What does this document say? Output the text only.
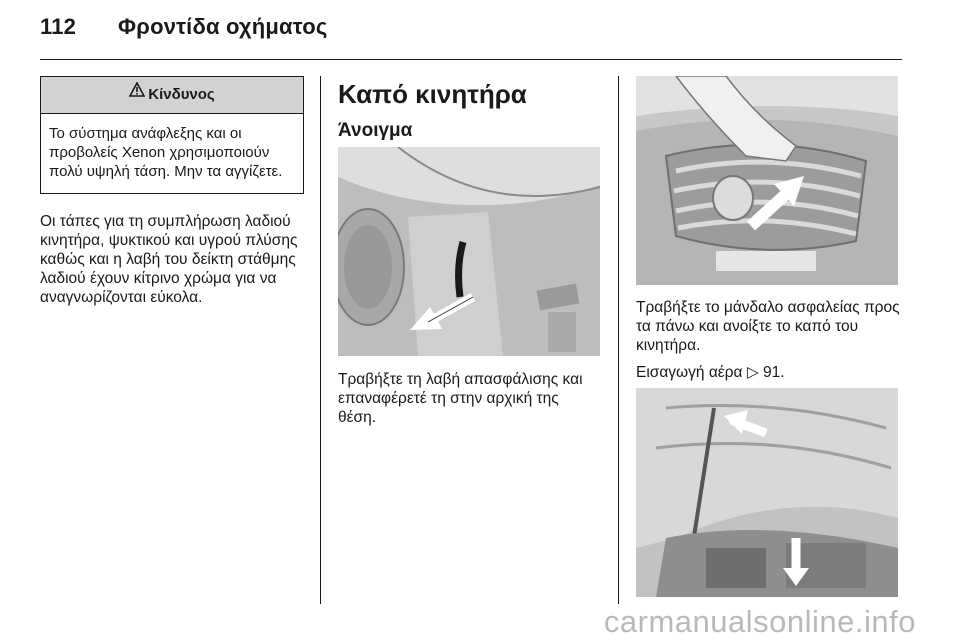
112 Φροντίδα οχήματος
Κίνδυνος
Το σύστημα ανάφλεξης και οι προβολείς Xenon χρησιμοποιούν πολύ υψηλή τάση. Μην τα αγγίζετε.
Οι τάπες για τη συμπλήρωση λαδιού κινητήρα, ψυκτικού και υγρού πλύσης καθώς και η λαβή του δείκτη στάθμης λαδιού έχουν κίτρινο χρώμα για να αναγνωρίζονται εύκολα.
Καπό κινητήρα
Άνοιγμα
Τραβήξτε τη λαβή απασφάλισης και επαναφέρετέ τη στην αρχική της θέση.
Τραβήξτε το μάνδαλο ασφαλείας προς τα πάνω και ανοίξτε το καπό του κινητήρα.
Εισαγωγή αέρα ▷ 91.
carmanualsonline.info
